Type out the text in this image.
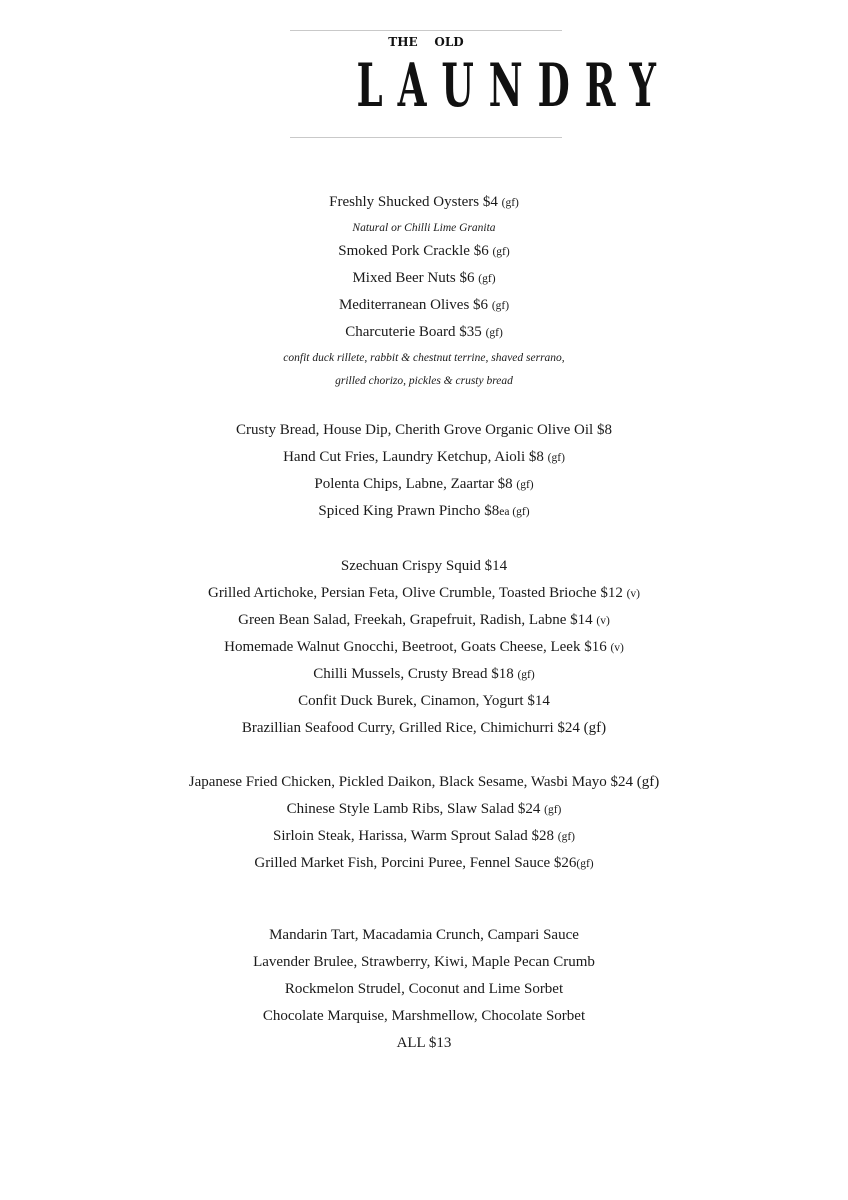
THE    OLD
LAUNDRY
Freshly Shucked Oysters $4 (gf)
Natural or Chilli Lime Granita
Smoked Pork Crackle $6 (gf)
Mixed Beer Nuts $6 (gf)
Mediterranean Olives $6 (gf)
Charcuterie Board $35 (gf)
confit duck rillete, rabbit & chestnut terrine, shaved serrano,
grilled chorizo, pickles & crusty bread
Crusty Bread, House Dip, Cherith Grove Organic Olive Oil $8
Hand Cut Fries, Laundry Ketchup, Aioli $8 (gf)
Polenta Chips, Labne, Zaartar $8 (gf)
Spiced King Prawn Pincho $8ea (gf)
Szechuan Crispy Squid $14
Grilled Artichoke, Persian Feta, Olive Crumble, Toasted Brioche $12 (v)
Green Bean Salad, Freekah, Grapefruit, Radish, Labne $14 (v)
Homemade Walnut Gnocchi, Beetroot, Goats Cheese, Leek $16 (v)
Chilli Mussels, Crusty Bread $18 (gf)
Confit Duck Burek, Cinamon, Yogurt $14
Brazillian Seafood Curry, Grilled Rice, Chimichurri $24 (gf)
Japanese Fried Chicken, Pickled Daikon, Black Sesame, Wasbi Mayo $24 (gf)
Chinese Style Lamb Ribs, Slaw Salad $24 (gf)
Sirloin Steak, Harissa, Warm Sprout Salad $28 (gf)
Grilled Market Fish, Porcini Puree, Fennel Sauce $26(gf)
Mandarin Tart, Macadamia Crunch, Campari Sauce
Lavender Brulee, Strawberry, Kiwi, Maple Pecan Crumb
Rockmelon Strudel, Coconut and Lime Sorbet
Chocolate Marquise, Marshmellow, Chocolate Sorbet
ALL $13
